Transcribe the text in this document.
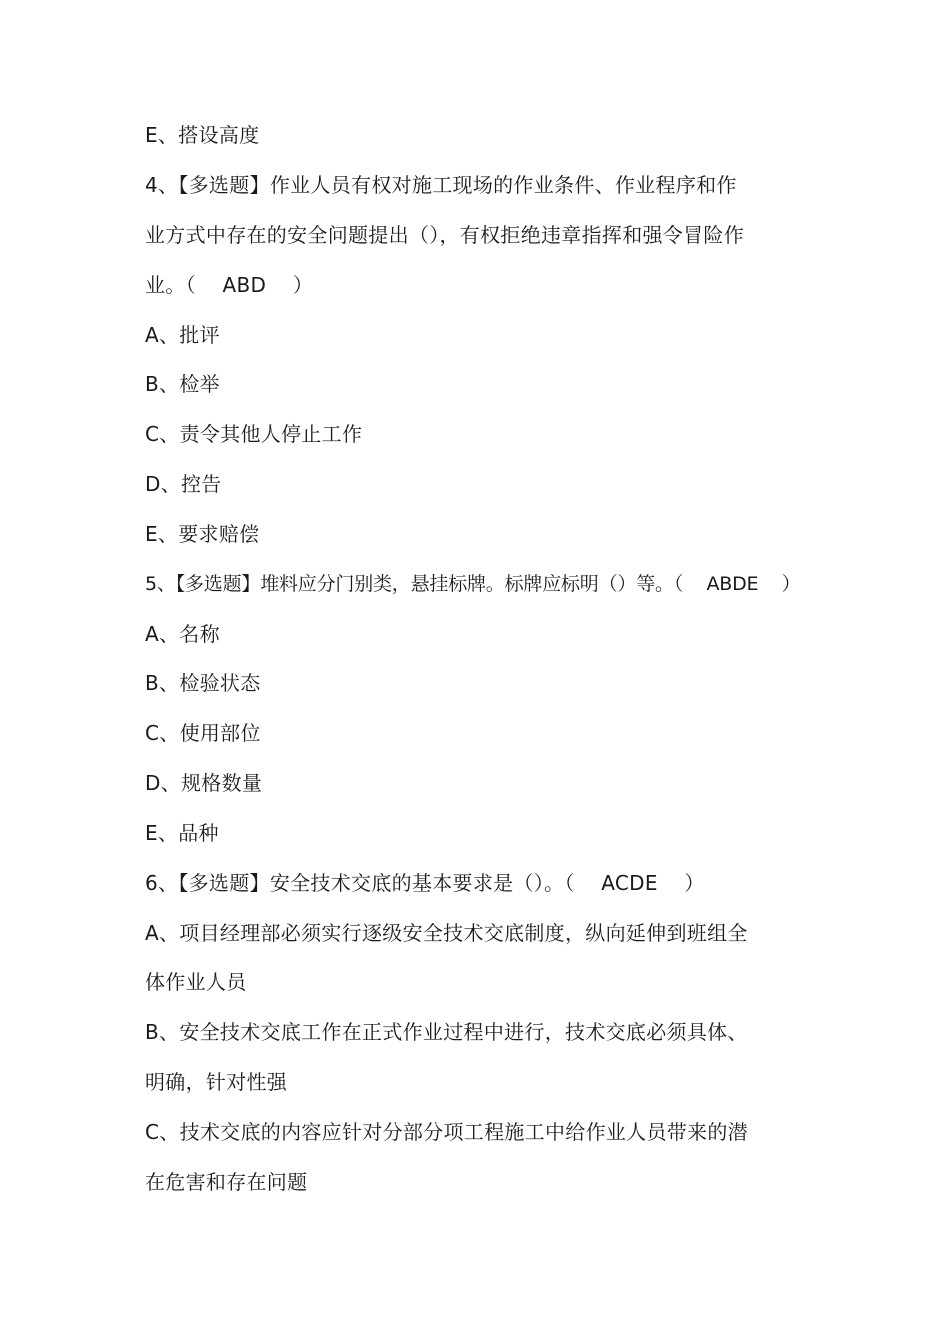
E、搭设高度
4、【多选题】作业人员有权对施工现场的作业条件、作业程序和作
业方式中存在的安全问题提出（），有权拒绝违章指挥和强令冒险作
业。（    ABD    ）
A、批评
B、检举
C、责令其他人停止工作
D、控告
E、要求赔偿
5、【多选题】堆料应分门别类，悬挂标牌。标牌应标明（）等。（    ABDE    ）
A、名称
B、检验状态
C、使用部位
D、规格数量
E、品种
6、【多选题】安全技术交底的基本要求是（）。（    ACDE    ）
A、项目经理部必须实行逐级安全技术交底制度，纵向延伸到班组全
体作业人员
B、安全技术交底工作在正式作业过程中进行，技术交底必须具体、
明确，针对性强
C、技术交底的内容应针对分部分项工程施工中给作业人员带来的潜
在危害和存在问题
